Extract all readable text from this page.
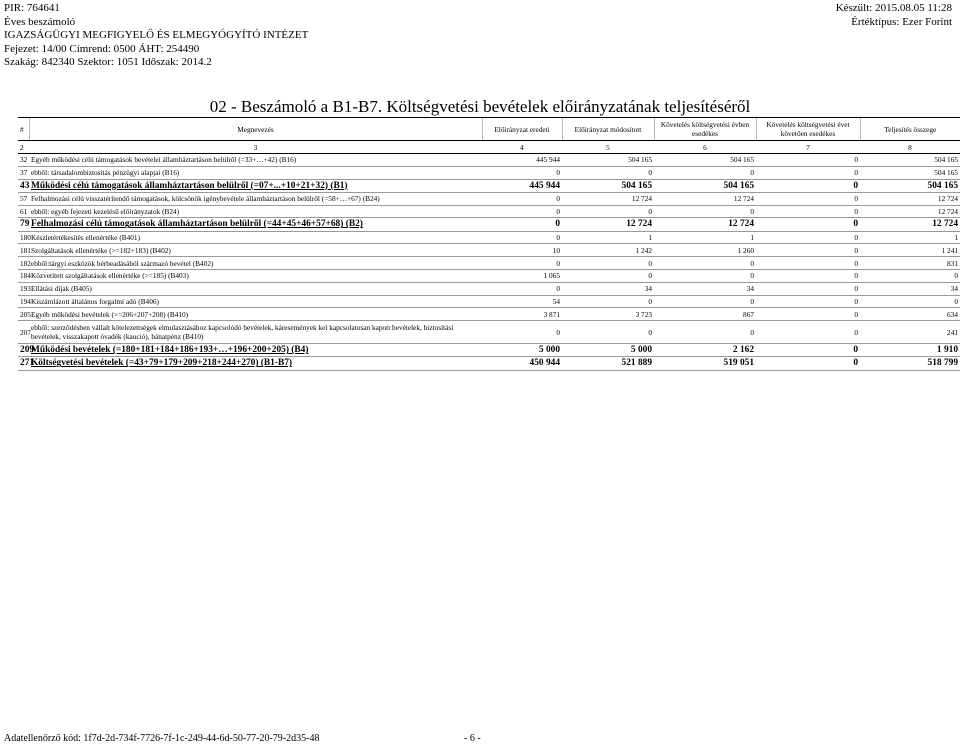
PIR: 764641
Éves beszámoló
IGAZSÁGÜGYI MEGFIGYELŐ ÉS ELMEGYÓGYÍTÓ INTÉZET
Fejezet: 14/00 Címrend: 0500 ÁHT: 254490
Szakág: 842340 Szektor: 1051 Időszak: 2014.2
Készült: 2015.08.05 11:28
Értéktípus: Ezer Forint
02 - Beszámoló a B1-B7. Költségvetési bevételek előirányzatának teljesítéséről
#	Megnevezés	Előirányzat eredeti	Előirányzat módosított	Követelés költségvetési évben esedékes	Követelés költségvetési évet követően esedékes	Teljesítés összege
2	3	4	5	6	7	8
32	Egyéb működési célú támogatások bevételei államháztartáson belülről (=33+…+42) (B16)	445 944	504 165	504 165	0	504 165
37	ebből: társadalombiztosítás pénzügyi alapjai (B16)	0	0	0	0	504 165
43	Működési célú támogatások államháztartáson belülről (=07+...+10+21+32) (B1)	445 944	504 165	504 165	0	504 165
57	Felhalmozási célú visszatérítendő támogatások, kölcsönök igénybevétele államháztartáson belülről (=58+…+67) (B24)	0	12 724	12 724	0	12 724
61	ebből: egyéb fejezeti kezelésű előirányzatok (B24)	0	0	0	0	12 724
79	Felhalmozási célú támogatások államháztartáson belülről (=44+45+46+57+68) (B2)	0	12 724	12 724	0	12 724
180	Készletértékesítés ellenértéke (B401)	0	1	1	0	1
181	Szolgáltatások ellenértéke (>=182+183) (B402)	10	1 242	1 260	0	1 241
182	ebből:tárgyi eszközök bérbeadásából származó bevétel (B402)	0	0	0	0	831
184	Közvetített szolgáltatások ellenértéke (>=185) (B403)	1 065	0	0	0	0
193	Ellátási díjak (B405)	0	34	34	0	34
194	Kiszámlázott általános forgalmi adó (B406)	54	0	0	0	0
205	Egyéb működési bevételek (>=206+207+208) (B410)	3 871	3 723	867	0	634
207	ebből: szerződésben vállalt kötelezettségek elmulasztásához kapcsolódó bevételek, káresemények kel kapcsolatosan kapott bevételek, biztosítási bevételek, visszakapott óvadék (kaució), bánatpénz (B410)	0	0	0	0	241
209	Működési bevételek (=180+181+184+186+193+…+196+200+205) (B4)	5 000	5 000	2 162	0	1 910
271	Költségvetési bevételek (=43+79+179+209+218+244+270) (B1-B7)	450 944	521 889	519 051	0	518 799
Adatellenőrző kód: 1f7d-2d-734f-7726-7f-1c-249-44-6d-50-77-20-79-2d35-48	- 6 -
